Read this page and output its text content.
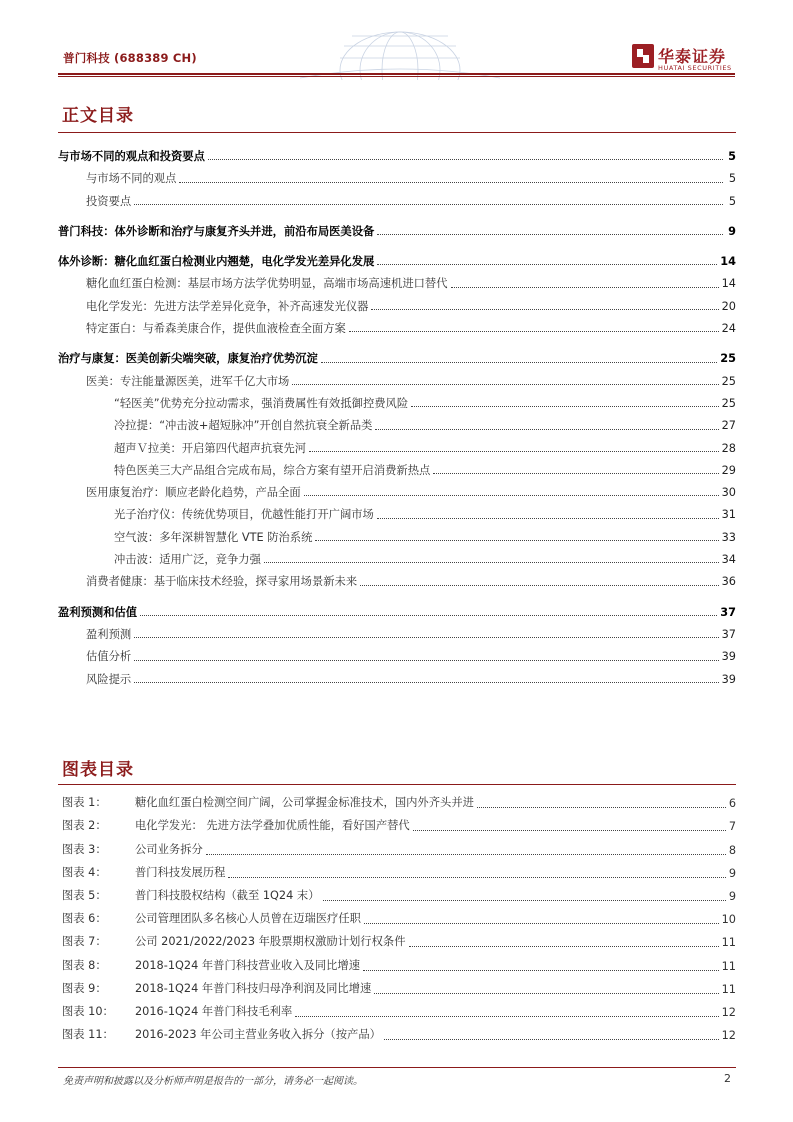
普门科技 (688389 CH)	华泰证券
HUATAI SECURITIES
正文目录
与市场不同的观点和投资要点	5
与市场不同的观点	5
投资要点	5
普门科技：体外诊断和治疗与康复齐头并进，前沿布局医美设备	9
体外诊断：糖化血红蛋白检测业内翘楚，电化学发光差异化发展	14
糖化血红蛋白检测：基层市场方法学优势明显，高端市场高速机进口替代	14
电化学发光：先进方法学差异化竞争，补齐高速发光仪器	20
特定蛋白：与希森美康合作，提供血液检查全面方案	24
治疗与康复：医美创新尖端突破，康复治疗优势沉淀	25
医美：专注能量源医美，进军千亿大市场	25
“轻医美”优势充分拉动需求，强消费属性有效抵御控费风险	25
冷拉提：“冲击波+超短脉冲”开创自然抗衰全新品类	27
超声Ｖ拉美：开启第四代超声抗衰先河	28
特色医美三大产品组合完成布局，综合方案有望开启消费新热点	29
医用康复治疗：顺应老龄化趋势，产品全面	30
光子治疗仪：传统优势项目，优越性能打开广阔市场	31
空气波：多年深耕智慧化 VTE 防治系统	33
冲击波：适用广泛，竞争力强	34
消费者健康：基于临床技术经验，探寻家用场景新未来	36
盈利预测和估值	37
盈利预测	37
估值分析	39
风险提示	39
图表目录
图表 1：	糖化血红蛋白检测空间广阔，公司掌握金标准技术，国内外齐头并进	6
图表 2：	电化学发光： 先进方法学叠加优质性能，看好国产替代	7
图表 3：	公司业务拆分	8
图表 4：	普门科技发展历程	9
图表 5：	普门科技股权结构（截至 1Q24 末）	9
图表 6：	公司管理团队多名核心人员曾在迈瑞医疗任职	10
图表 7：	公司 2021/2022/2023 年股票期权激励计划行权条件	11
图表 8：	2018-1Q24 年普门科技营业收入及同比增速	11
图表 9：	2018-1Q24 年普门科技归母净利润及同比增速	11
图表 10：	2016-1Q24 年普门科技毛利率	12
图表 11：	2016-2023 年公司主营业务收入拆分（按产品）	12
免责声明和披露以及分析师声明是报告的一部分，请务必一起阅读。	2
